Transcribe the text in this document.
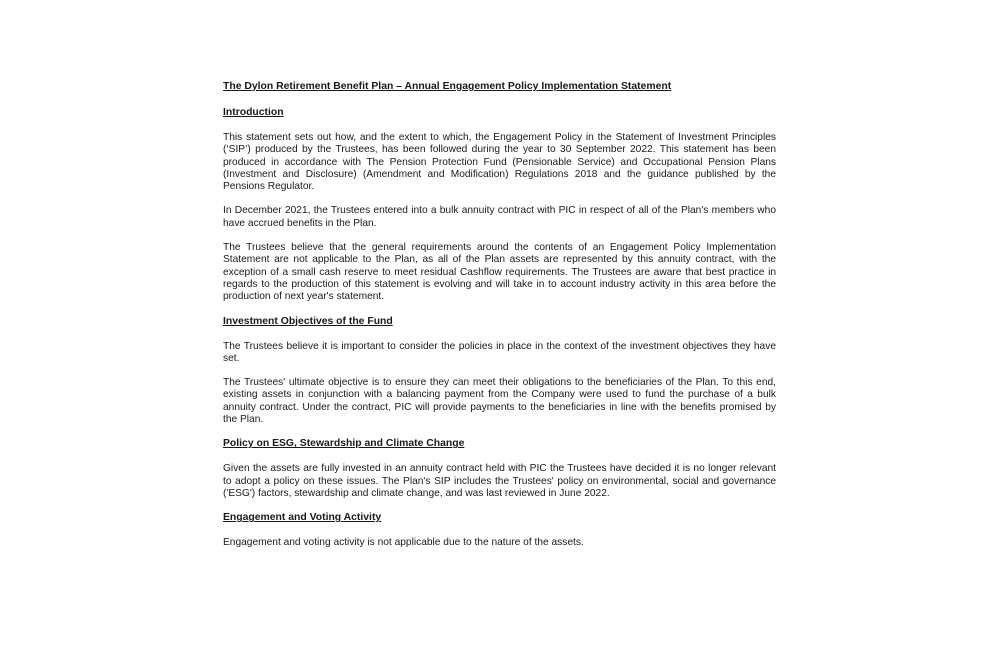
The Dylon Retirement Benefit Plan – Annual Engagement Policy Implementation Statement
Introduction

This statement sets out how, and the extent to which, the Engagement Policy in the Statement of Investment Principles (‘SIP’) produced by the Trustees, has been followed during the year to 30 September 2022. This statement has been produced in accordance with The Pension Protection Fund (Pensionable Service) and Occupational Pension Plans (Investment and Disclosure) (Amendment and Modification) Regulations 2018 and the guidance published by the Pensions Regulator.

In December 2021, the Trustees entered into a bulk annuity contract with PIC in respect of all of the Plan's members who have accrued benefits in the Plan.

The Trustees believe that the general requirements around the contents of an Engagement Policy Implementation Statement are not applicable to the Plan, as all of the Plan assets are represented by this annuity contract, with the exception of a small cash reserve to meet residual Cashflow requirements. The Trustees are aware that best practice in regards to the production of this statement is evolving and will take in to account industry activity in this area before the production of next year's statement.

Investment Objectives of the Fund

The Trustees believe it is important to consider the policies in place in the context of the investment objectives they have set.

The Trustees' ultimate objective is to ensure they can meet their obligations to the beneficiaries of the Plan. To this end, existing assets in conjunction with a balancing payment from the Company were used to fund the purchase of a bulk annuity contract. Under the contract, PIC will provide payments to the beneficiaries in line with the benefits promised by the Plan.

Policy on ESG, Stewardship and Climate Change

Given the assets are fully invested in an annuity contract held with PIC the Trustees have decided it is no longer relevant to adopt a policy on these issues. The Plan's SIP includes the Trustees' policy on environmental, social and governance ('ESG') factors, stewardship and climate change, and was last reviewed in June 2022.

Engagement and Voting Activity

Engagement and voting activity is not applicable due to the nature of the assets.
